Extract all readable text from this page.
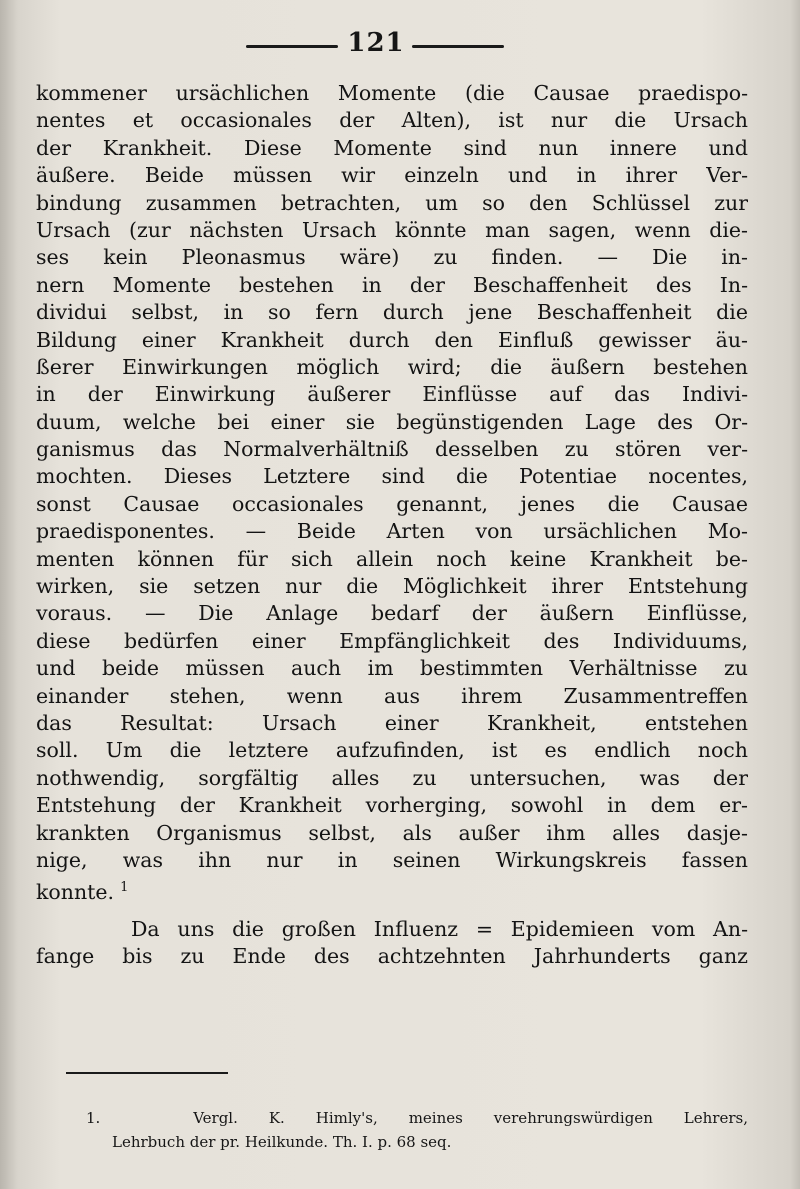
121
kommener ursächlichen Momente (die Causae praedispo-
nentes et occasionales der Alten), ist nur die Ursach
der Krankheit. Diese Momente sind nun innere und
äußere. Beide müssen wir einzeln und in ihrer Ver-
bindung zusammen betrachten, um so den Schlüssel zur
Ursach (zur nächsten Ursach könnte man sagen, wenn die-
ses kein Pleonasmus wäre) zu finden. — Die in-
nern Momente bestehen in der Beschaffenheit des In-
dividui selbst, in so fern durch jene Beschaffenheit die
Bildung einer Krankheit durch den Einfluß gewisser äu-
ßerer Einwirkungen möglich wird; die äußern bestehen
in der Einwirkung äußerer Einflüsse auf das Indivi-
duum, welche bei einer sie begünstigenden Lage des Or-
ganismus das Normalverhältniß desselben zu stören ver-
mochten. Dieses Letztere sind die Potentiae nocentes,
sonst Causae occasionales genannt, jenes die Causae
praedisponentes. — Beide Arten von ursächlichen Mo-
menten können für sich allein noch keine Krankheit be-
wirken, sie setzen nur die Möglichkeit ihrer Entstehung
voraus. — Die Anlage bedarf der äußern Einflüsse,
diese bedürfen einer Empfänglichkeit des Individuums,
und beide müssen auch im bestimmten Verhältnisse zu
einander stehen, wenn aus ihrem Zusammentreffen
das Resultat: Ursach einer Krankheit, entstehen
soll. Um die letztere aufzufinden, ist es endlich noch
nothwendig, sorgfältig alles zu untersuchen, was der
Entstehung der Krankheit vorherging, sowohl in dem er-
krankten Organismus selbst, als außer ihm alles dasje-
nige, was ihn nur in seinen Wirkungskreis fassen
konnte. $^1$
Da uns die großen Influenz = Epidemieen vom An-
fange bis zu Ende des achtzehnten Jahrhunderts ganz
1.	Vergl. K. Himly's, meines verehrungswürdigen Lehrers,
Lehrbuch der pr. Heilkunde. Th. I. p. 68 seq.
